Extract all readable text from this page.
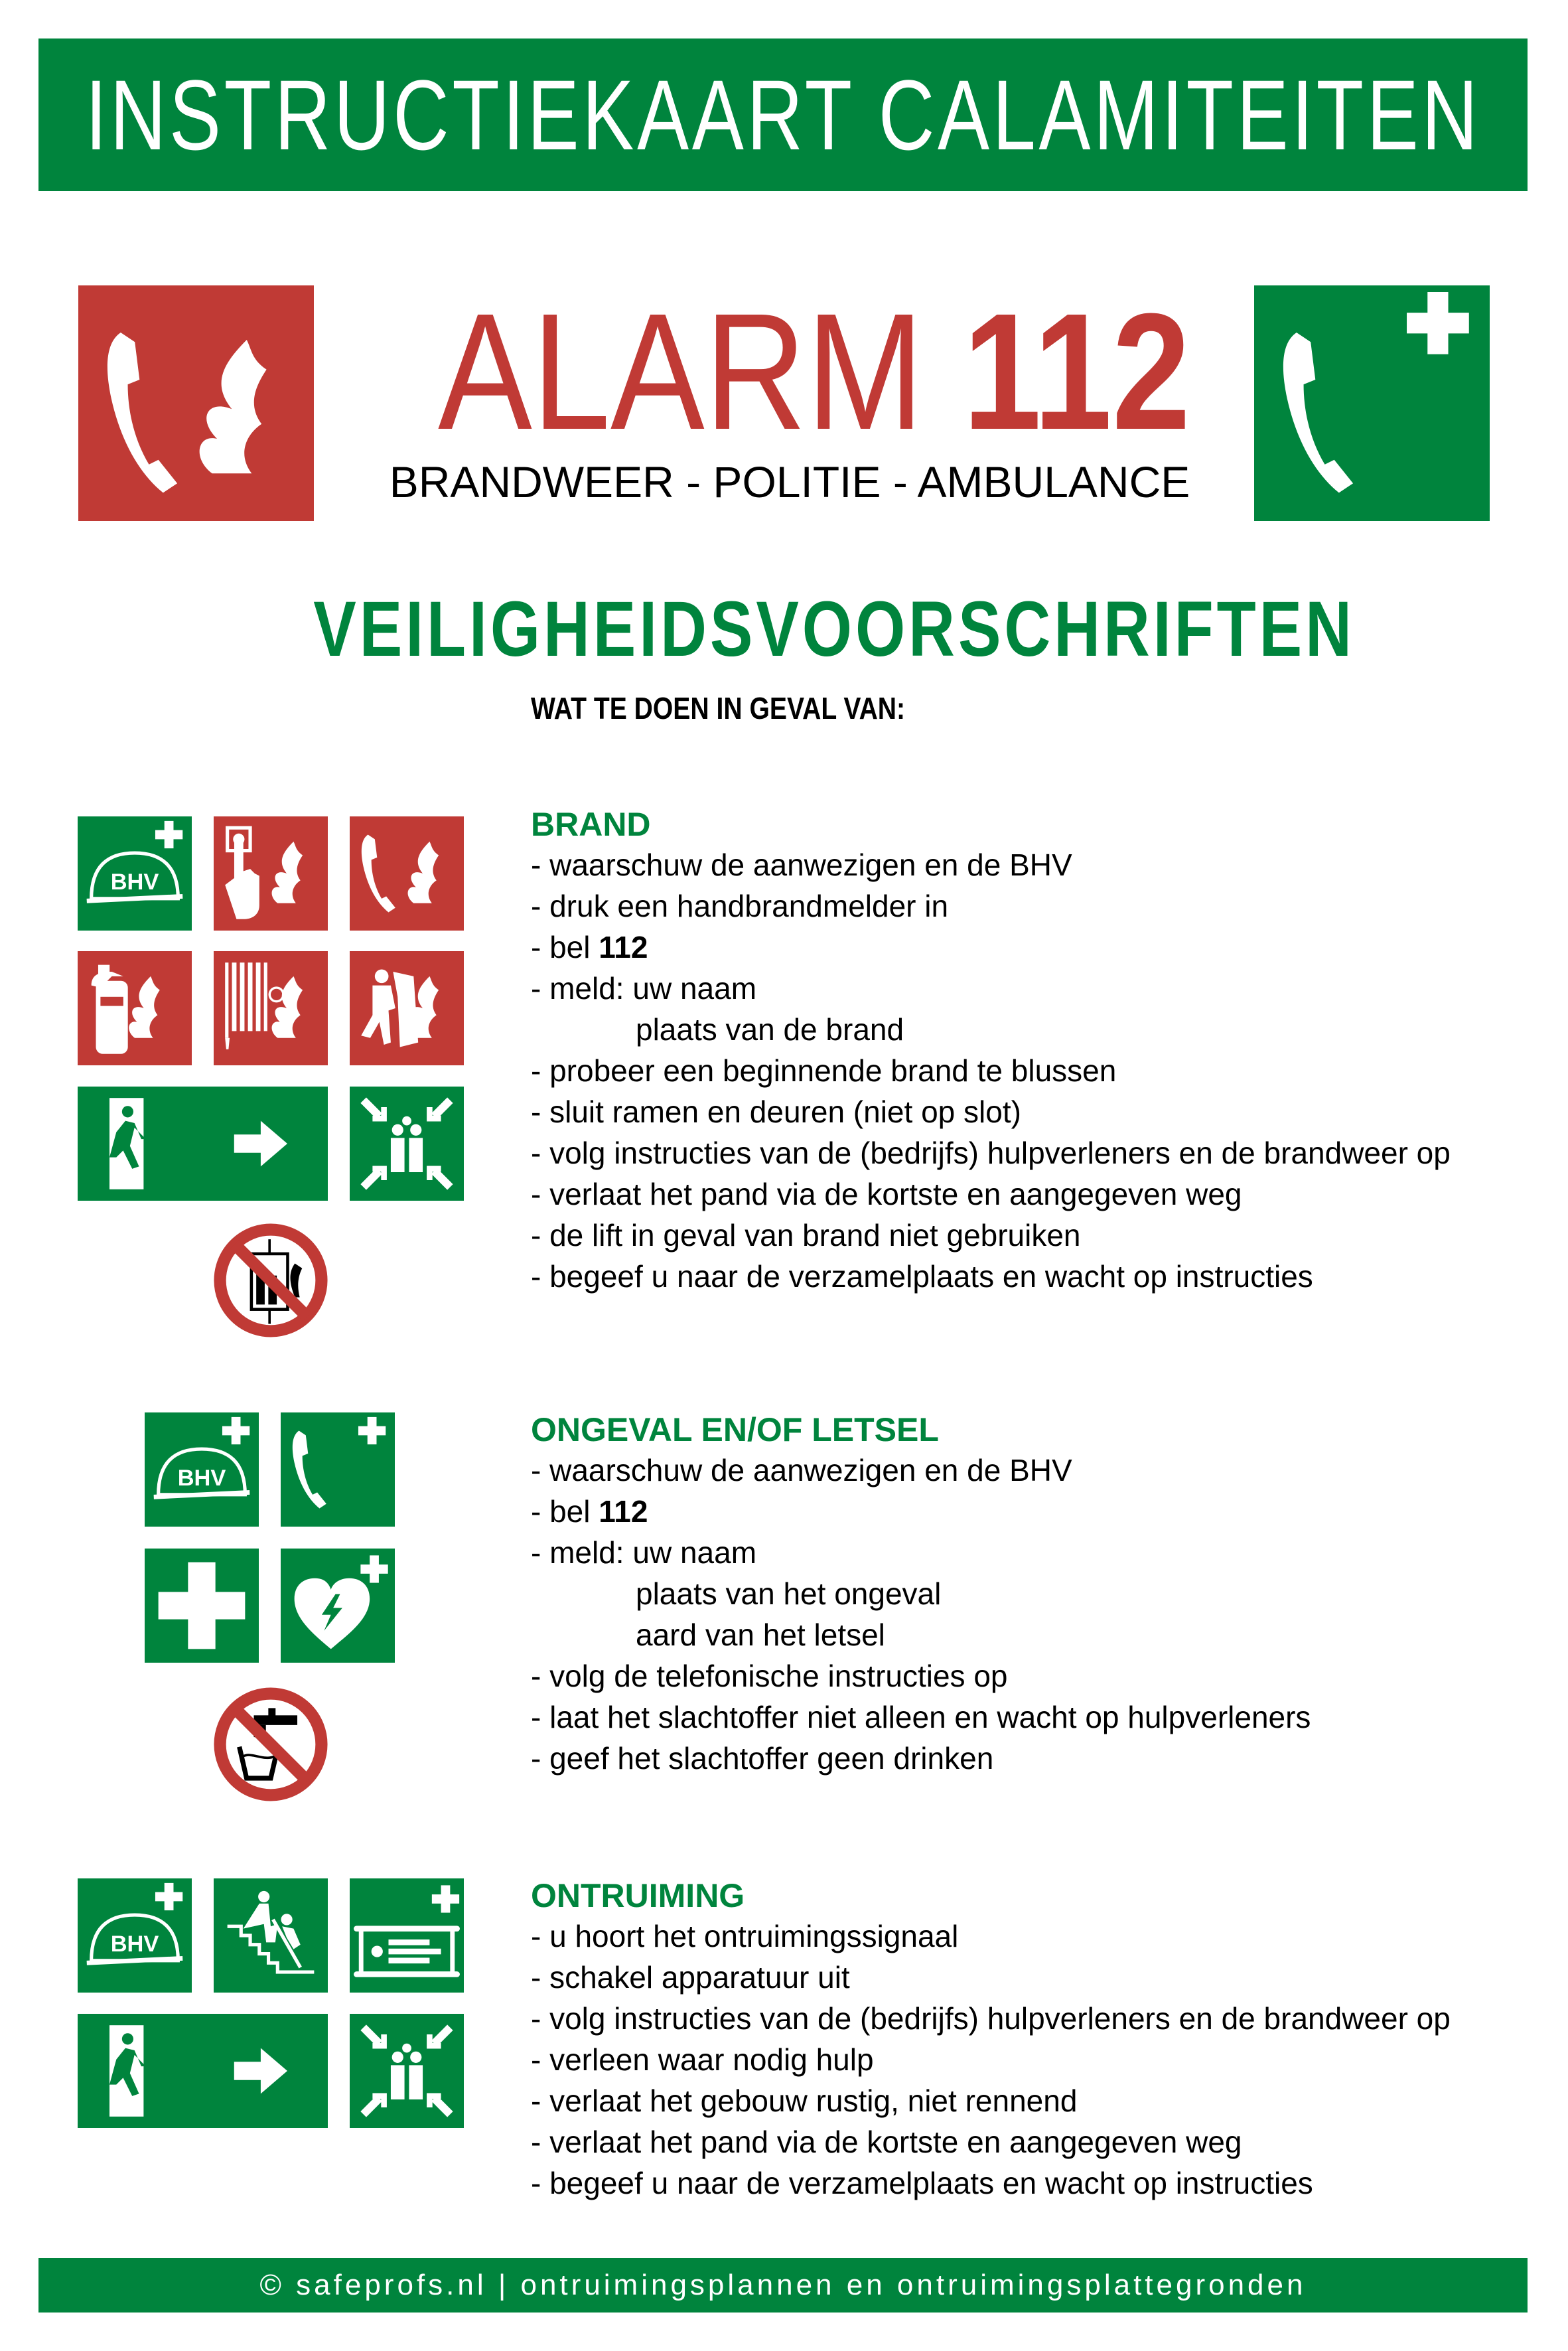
INSTRUCTIEKAART CALAMITEITEN
ALARM 112
BRANDWEER - POLITIE - AMBULANCE
VEILIGHEIDSVOORSCHRIFTEN
WAT TE DOEN IN GEVAL VAN:
BRAND
- waarschuw de aanwezigen en de BHV
- druk een handbrandmelder in
- bel 112
- meld: uw naam
plaats van de brand
- probeer een beginnende brand te blussen
- sluit ramen en deuren (niet op slot)
- volg instructies van de (bedrijfs) hulpverleners en de brandweer op
- verlaat het pand via de kortste en aangegeven weg
- de lift in geval van brand niet gebruiken
- begeef u naar de verzamelplaats en wacht op instructies
ONGEVAL EN/OF LETSEL
- waarschuw de aanwezigen en de BHV
- bel 112
- meld: uw naam
plaats van het ongeval
aard van het letsel
- volg de telefonische instructies op
- laat het slachtoffer niet alleen en wacht op hulpverleners
- geef het slachtoffer geen drinken
ONTRUIMING
- u hoort het ontruimingssignaal
- schakel apparatuur uit
- volg instructies van de (bedrijfs) hulpverleners en de brandweer op
- verleen waar nodig hulp
- verlaat het gebouw rustig, niet rennend
- verlaat het pand via de kortste en aangegeven weg
- begeef u naar de verzamelplaats en wacht op instructies
© safeprofs.nl | ontruimingsplannen en ontruimingsplattegronden
